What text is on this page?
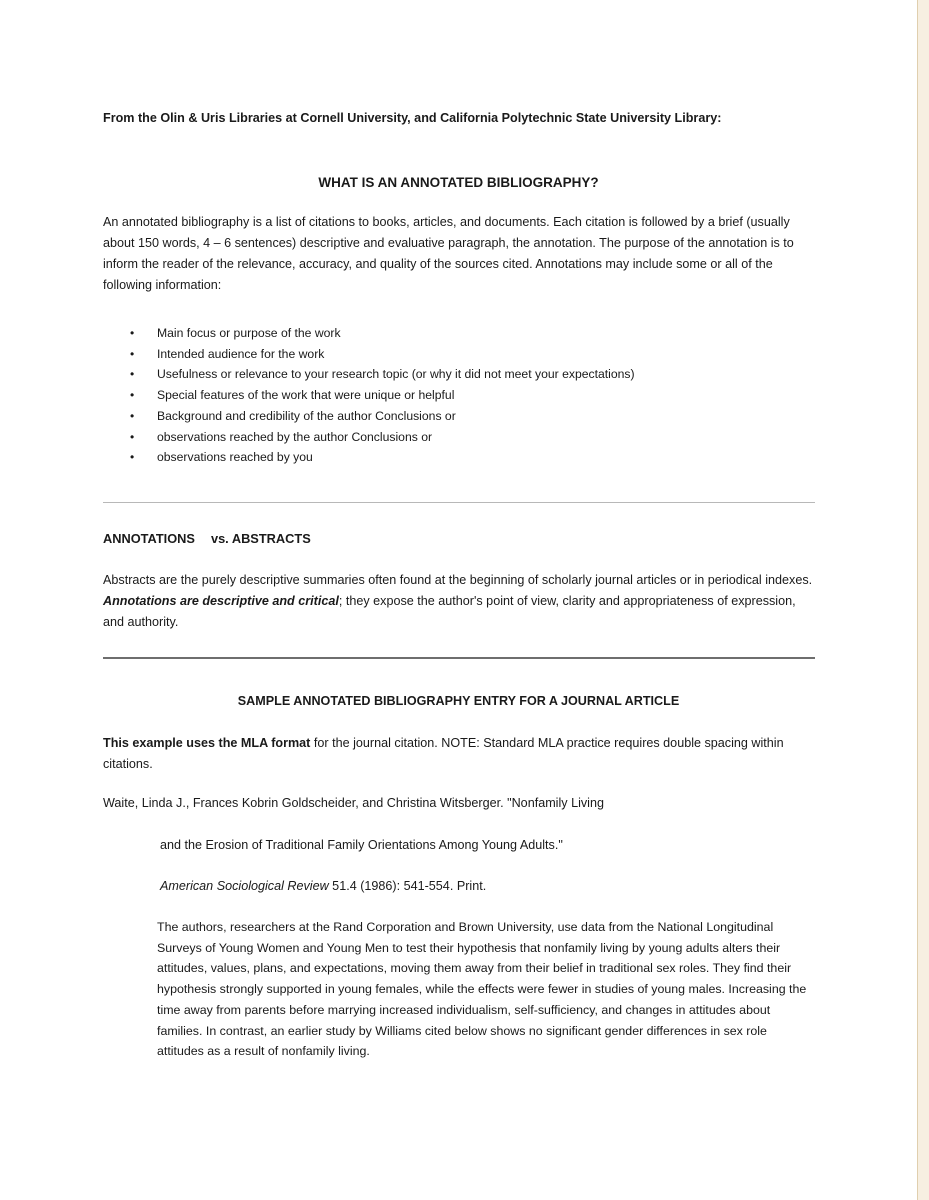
From the Olin & Uris Libraries at Cornell University, and California Polytechnic State University Library:
WHAT IS AN ANNOTATED BIBLIOGRAPHY?
An annotated bibliography is a list of citations to books, articles, and documents. Each citation is followed by a brief (usually about 150 words, 4 – 6 sentences) descriptive and evaluative paragraph, the annotation. The purpose of the annotation is to inform the reader of the relevance, accuracy, and quality of the sources cited. Annotations may include some or all of the following information:
• Main focus or purpose of the work
• Intended audience for the work
• Usefulness or relevance to your research topic (or why it did not meet your expectations)
• Special features of the work that were unique or helpful
• Background and credibility of the author Conclusions or
• observations reached by the author Conclusions or
• observations reached by you
ANNOTATIONS vs. ABSTRACTS
Abstracts are the purely descriptive summaries often found at the beginning of scholarly journal articles or in periodical indexes. Annotations are descriptive and critical; they expose the author's point of view, clarity and appropriateness of expression, and authority.
SAMPLE ANNOTATED BIBLIOGRAPHY ENTRY FOR A JOURNAL ARTICLE
This example uses the MLA format for the journal citation. NOTE: Standard MLA practice requires double spacing within citations.
Waite, Linda J., Frances Kobrin Goldscheider, and Christina Witsberger. "Nonfamily Living
and the Erosion of Traditional Family Orientations Among Young Adults."
American Sociological Review 51.4 (1986): 541-554. Print.
The authors, researchers at the Rand Corporation and Brown University, use data from the National Longitudinal Surveys of Young Women and Young Men to test their hypothesis that nonfamily living by young adults alters their attitudes, values, plans, and expectations, moving them away from their belief in traditional sex roles. They find their hypothesis strongly supported in young females, while the effects were fewer in studies of young males. Increasing the time away from parents before marrying increased individualism, self-sufficiency, and changes in attitudes about families. In contrast, an earlier study by Williams cited below shows no significant gender differences in sex role attitudes as a result of nonfamily living.
